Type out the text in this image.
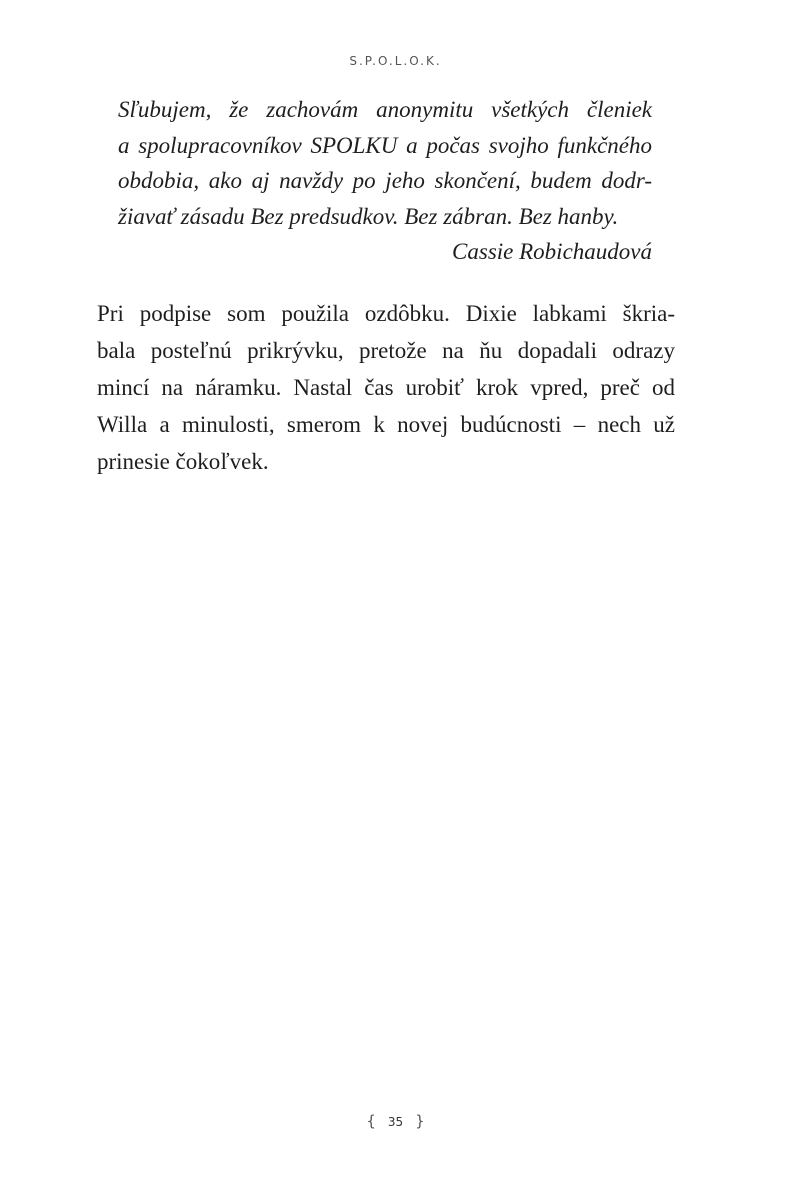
S.P.O.L.O.K.
Sľubujem, že zachovám anonymitu všetkých členiek
a spolupracovníkov SPOLKU a počas svojho funkčného
obdobia, ako aj navždy po jeho skončení, budem dodr-
žiavať zásadu Bez predsudkov. Bez zábran. Bez hanby.
Cassie Robichaudová
Pri podpise som použila ozdôbku. Dixie labkami škria-
bala posteľnú prikrývku, pretože na ňu dopadali odrazy
mincí na náramku. Nastal čas urobiť krok vpred, preč od
Willa a minulosti, smerom k novej budúcnosti – nech už
prinesie čokoľvek.
{ 35 }
